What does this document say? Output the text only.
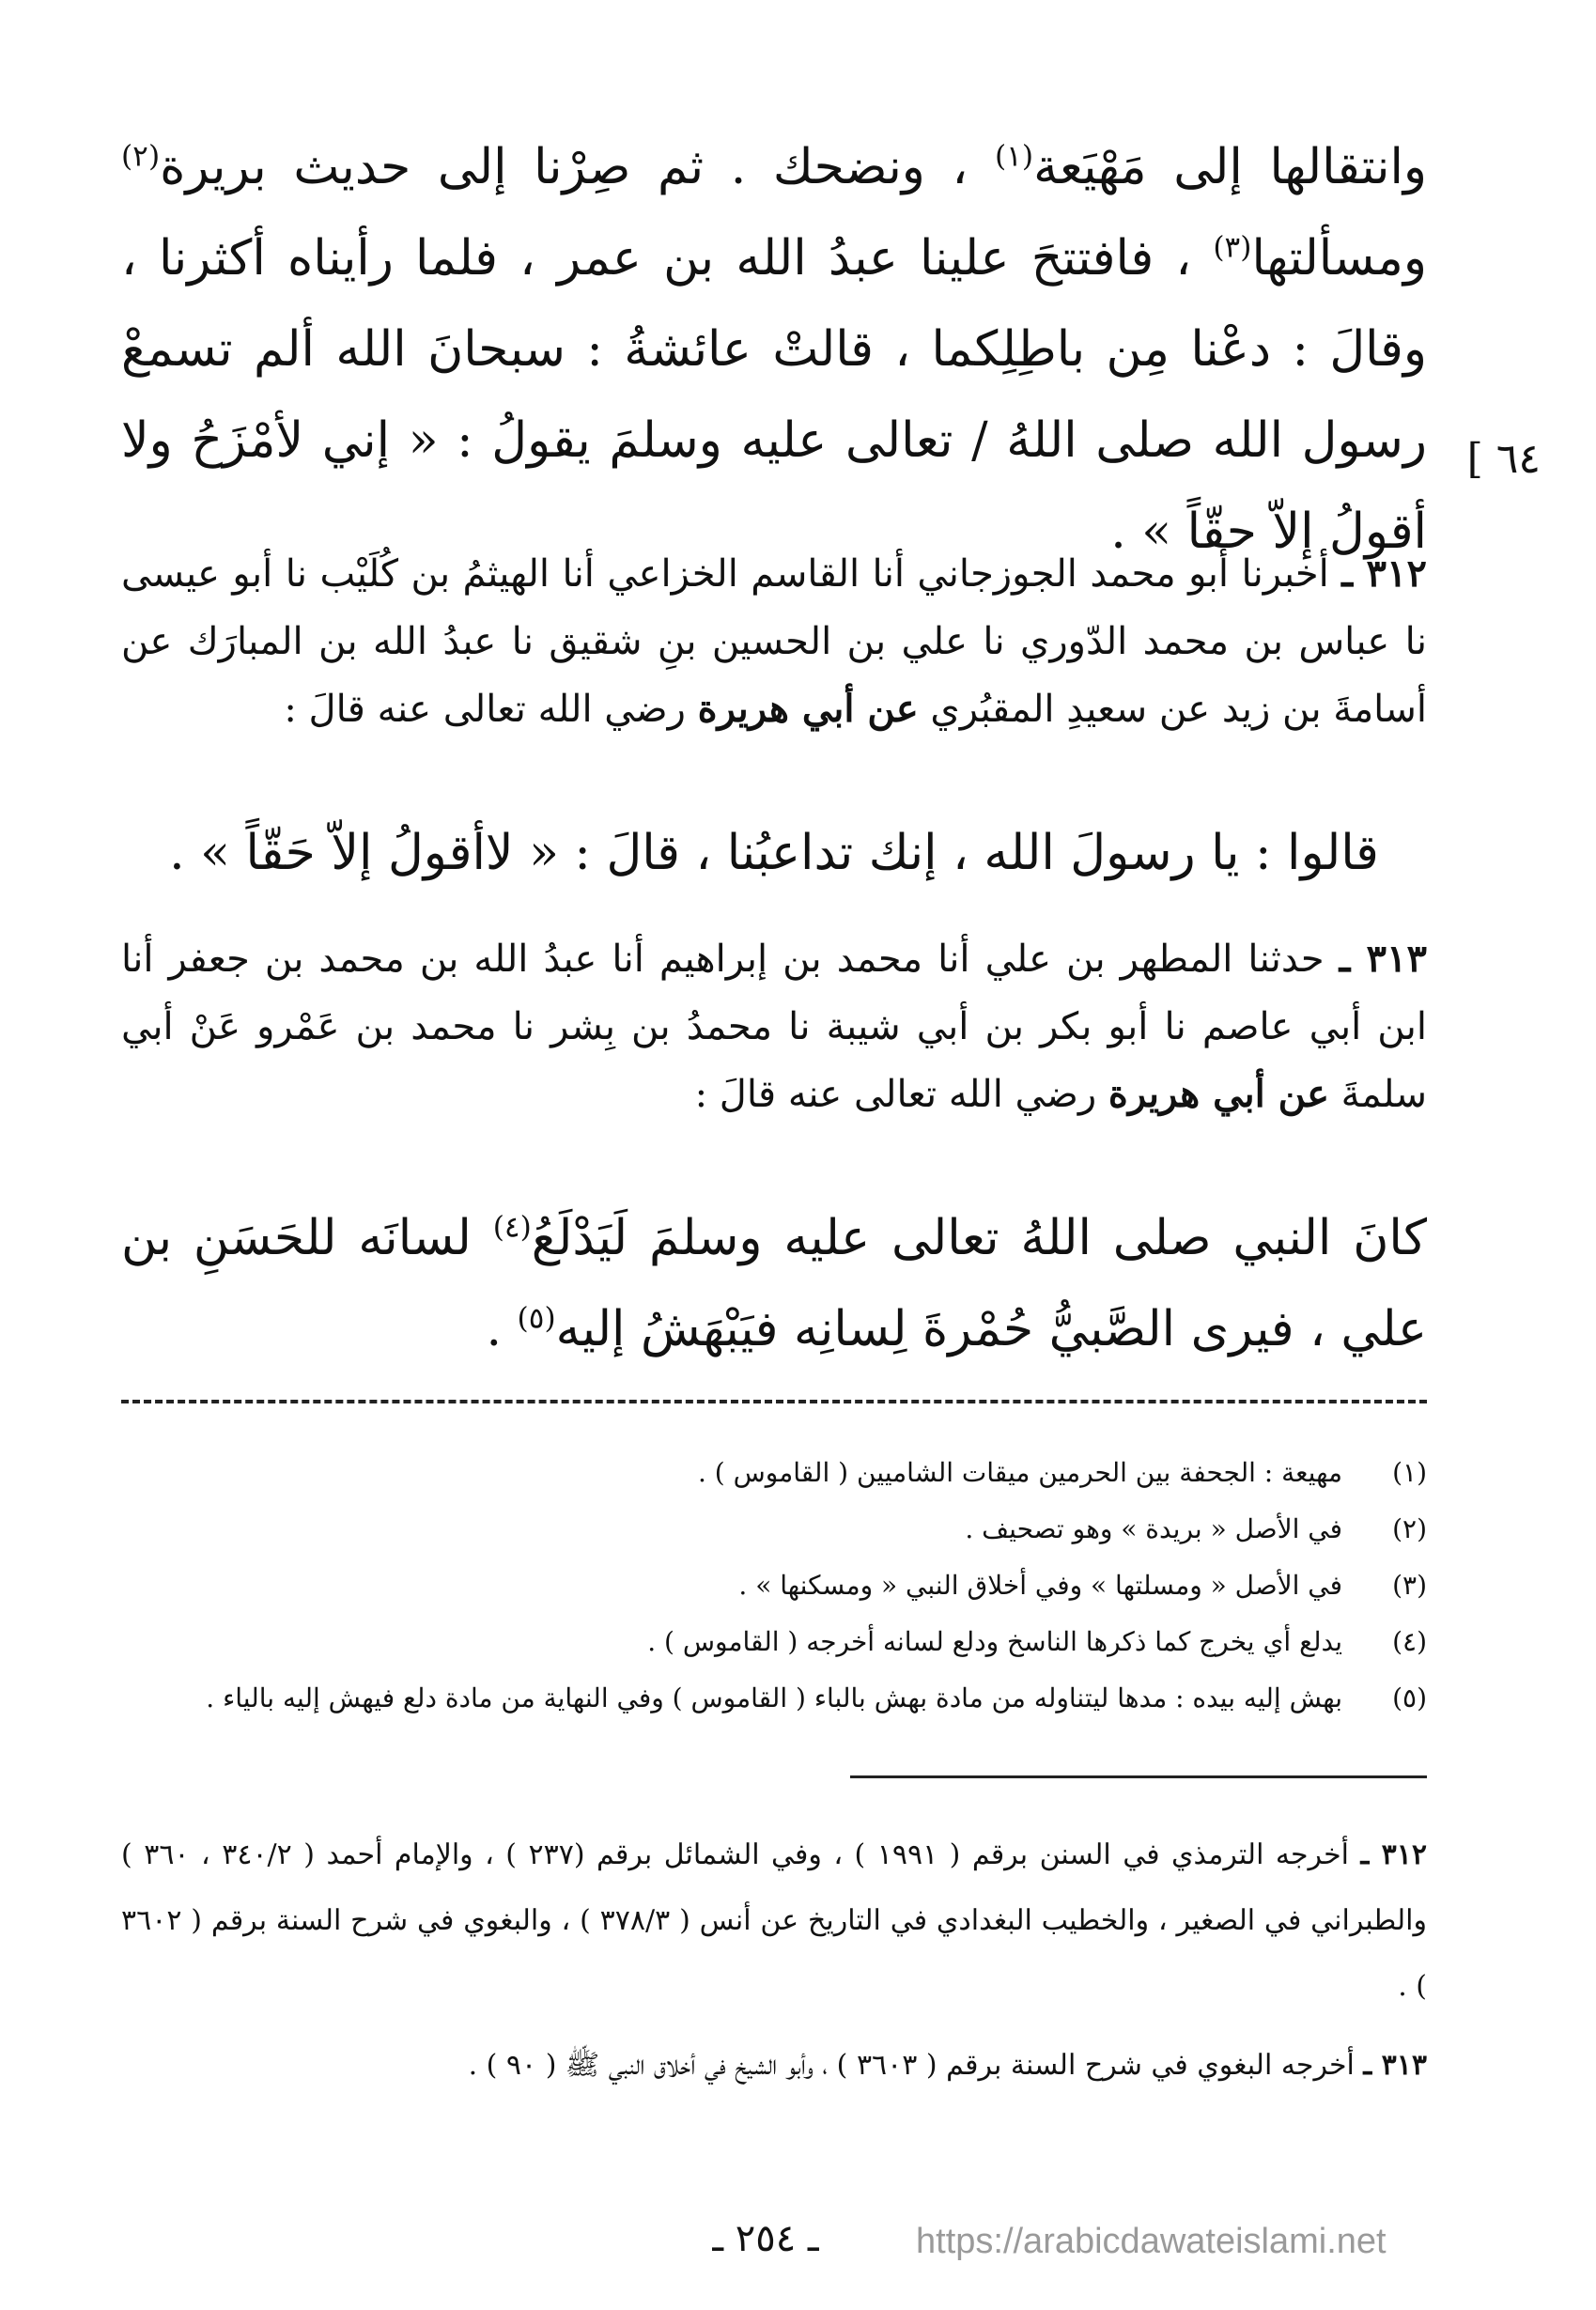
٦٤ ]
وانتقالها إلى مَهْيَعة$^{(١)}$ ، ونضحك . ثم صِرْنا إلى حديث بريرة$^{(٢)}$ ومسألتها$^{(٣)}$ ، فافتتحَ علينا عبدُ الله بن عمر ، فلما رأيناه أكثرنا ، وقالَ : دعْنا مِن باطِلِكما ، قالتْ عائشةُ : سبحانَ الله ألم تسمعْ رسول الله صلى اللهُ / تعالى عليه وسلمَ يقولُ : « إني لأمْزَحُ ولا أقولُ إلاّ حقّاً » .
٣١٢ ـ أخبرنا أبو محمد الجوزجاني أنا القاسم الخزاعي أنا الهيثمُ بن كُلَيْب نا أبو عيسى نا عباس بن محمد الدّوري نا علي بن الحسين بنِ شقيق نا عبدُ الله بن المبارَك عن أسامةَ بن زيد عن سعيدِ المقبُري عن أبي هريرة رضي الله تعالى عنه قالَ :
قالوا : يا رسولَ الله ، إنك تداعبُنا ، قالَ : « لاأقولُ إلاّ حَقّاً » .
٣١٣ ـ حدثنا المطهر بن علي أنا محمد بن إبراهيم أنا عبدُ الله بن محمد بن جعفر أنا ابن أبي عاصم نا أبو بكر بن أبي شيبة نا محمدُ بن بِشر نا محمد بن عَمْرو عَنْ أبي سلمةَ عن أبي هريرة رضي الله تعالى عنه قالَ :
كانَ النبي صلى اللهُ تعالى عليه وسلمَ لَيَدْلَعُ$^{(٤)}$ لسانَه للحَسَنِ بن علي ، فيرى الصَّبيُّ حُمْرةَ لِسانِه فيَبْهَشُ إليه$^{(٥)}$ .
(١)
مهيعة : الجحفة بين الحرمين ميقات الشاميين ( القاموس ) .
(٢)
في الأصل « بريدة » وهو تصحيف .
(٣)
في الأصل « ومسلتها » وفي أخلاق النبي « ومسكنها » .
(٤)
يدلع أي يخرج كما ذكرها الناسخ ودلع لسانه أخرجه ( القاموس ) .
(٥)
بهش إليه بيده : مدها ليتناوله من مادة بهش بالباء ( القاموس ) وفي النهاية من مادة دلع فيهش إليه بالياء .
٣١٢ ـ أخرجه الترمذي في السنن برقم ( ١٩٩١ ) ، وفي الشمائل برقم (٢٣٧ ) ، والإمام أحمد ( ٣٤٠/٢ ، ٣٦٠ ) والطبراني في الصغير ، والخطيب البغدادي في التاريخ عن أنس ( ٣٧٨/٣ ) ، والبغوي في شرح السنة برقم ( ٣٦٠٢ ) .
٣١٣ ـ أخرجه البغوي في شرح السنة برقم ( ٣٦٠٣ ) ، وأبو الشيخ في أخلاق النبي ﷺ ( ٩٠ ) .
ـ ٢٥٤ ـ	https://arabicdawateislami.net
